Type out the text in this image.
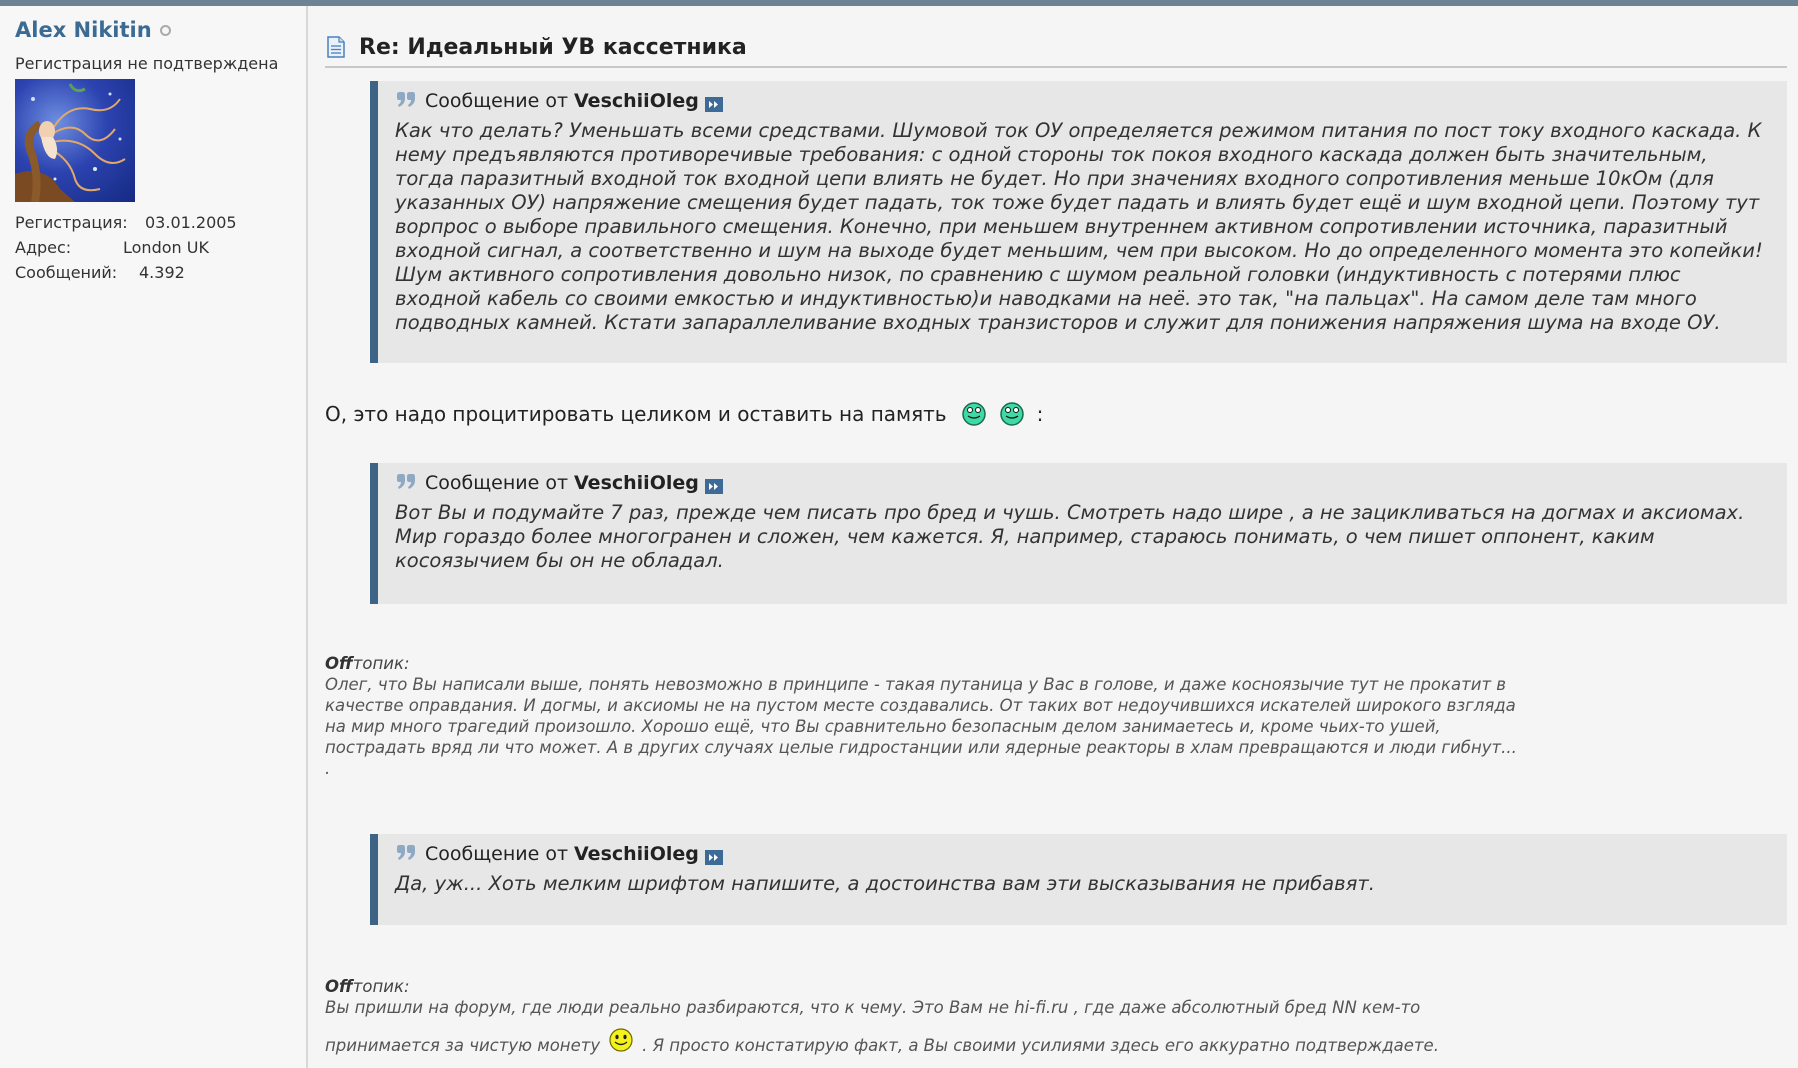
Alex Nikitin
Регистрация не подтверждена
Регистрация:	03.01.2005
Адрес:	London UK
Сообщений:	4.392
Re: Идеальный УВ кассетника
Сообщение от VeschiiOleg
Как что делать? Уменьшать всеми средствами. Шумовой ток ОУ определяется режимом питания по пост току входного каскада. К
нему предъявляются противоречивые требования: с одной стороны ток покоя входного каскада должен быть значительным,
тогда паразитный входной ток входной цепи влиять не будет. Но при значениях входного сопротивления меньше 10кОм (для
указанных ОУ) напряжение смещения будет падать, ток тоже будет падать и влиять будет ещё и шум входной цепи. Поэтому тут
ворпрос о выборе правильного смещения. Конечно, при меньшем внутреннем активном сопротивлении источника, паразитный
входной сигнал, а соответственно и шум на выходе будет меньшим, чем при высоком. Но до определенного момента это копейки!
Шум активного сопротивления довольно низок, по сравнению с шумом реальной головки (индуктивность с потерями плюс
входной кабель со своими емкостью и индуктивностью)и наводками на неё. это так, "на пальцах". На самом деле там много
подводных камней. Кстати запараллеливание входных транзисторов и служит для понижения напряжения шума на входе ОУ.
О, это надо процитировать целиком и оставить на память	:
Сообщение от VeschiiOleg
Вот Вы и подумайте 7 раз, прежде чем писать про бред и чушь. Смотреть надо шире , а не зацикливаться на догмах и аксиомах.
Мир гораздо более многогранен и сложен, чем кажется. Я, например, стараюсь понимать, о чем пишет оппонент, каким
косоязычием бы он не обладал.
Offтопик:
Олег, что Вы написали выше, понять невозможно в принципе - такая путаница у Вас в голове, и даже косноязычие тут не прокатит в
качестве оправдания. И догмы, и аксиомы не на пустом месте создавались. От таких вот недоучившихся искателей широкого взгляда
на мир много трагедий произошло. Хорошо ещё, что Вы сравнительно безопасным делом занимаетесь и, кроме чьих-то ушей,
пострадать вряд ли что может. А в других случаях целые гидростанции или ядерные реакторы в хлам превращаются и люди гибнут...
.
Сообщение от VeschiiOleg
Да, уж... Хоть мелким шрифтом напишите, а достоинства вам эти высказывания не прибавят.
Offтопик:
Вы пришли на форум, где люди реально разбираются, что к чему. Это Вам не hi-fi.ru , где даже абсолютный бред NN кем-то
принимается за чистую монету	. Я просто констатирую факт, а Вы своими усилиями здесь его аккуратно подтверждаете.
